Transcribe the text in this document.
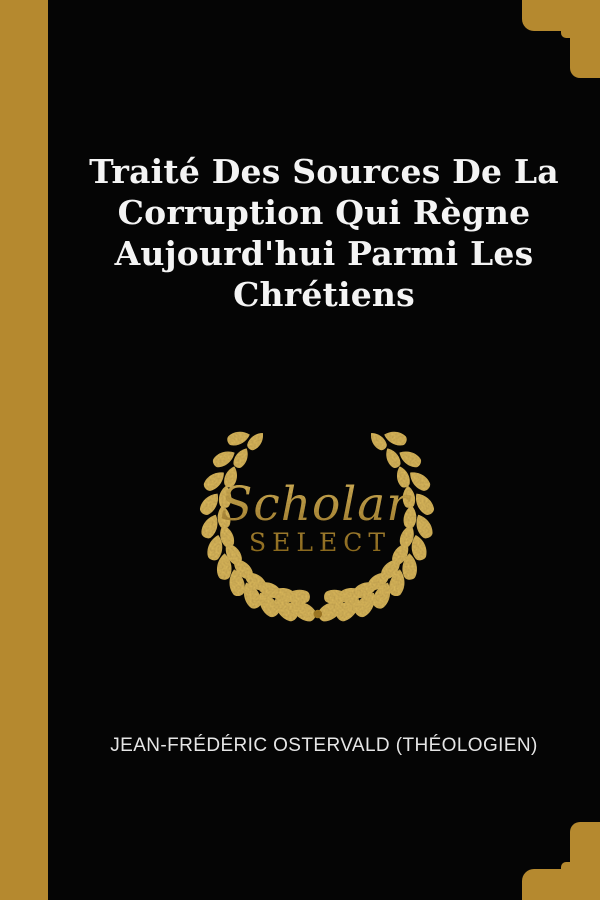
Traité Des Sources De La
Corruption Qui Règne
Aujourd'hui Parmi Les
Chrétiens
Scholar
SELECT
JEAN-FRÉDÉRIC OSTERVALD (THÉOLOGIEN)
